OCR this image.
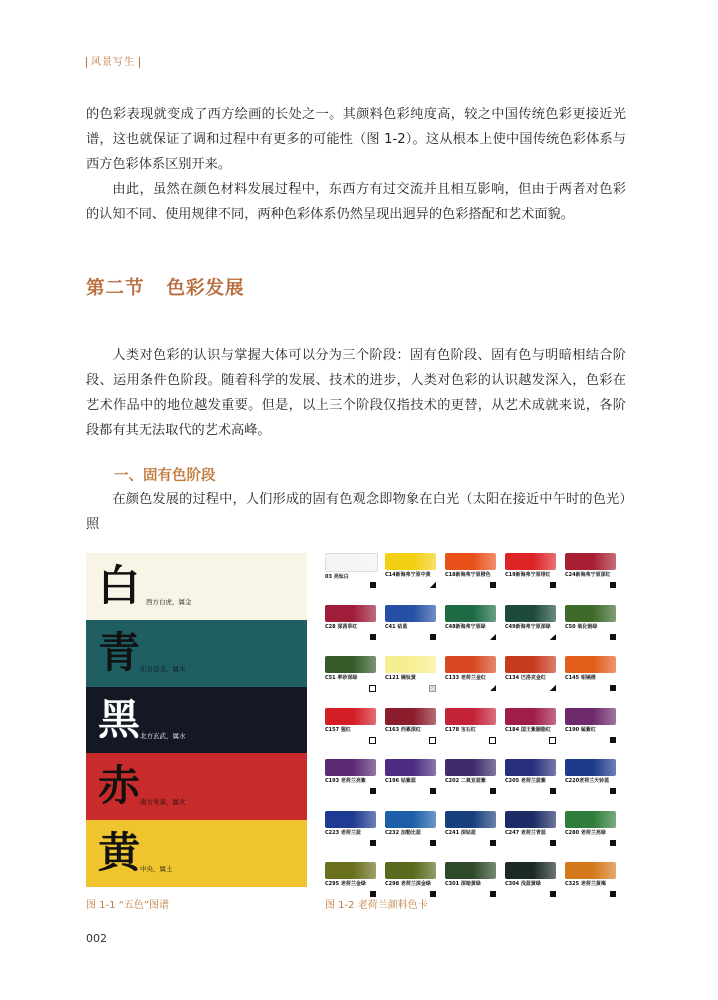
风景写生

的色彩表现就变成了西方绘画的长处之一。其颜料色彩纯度高，较之中国传统色彩更接近光谱，这也就保证了调和过程中有更多的可能性（图 1-2）。这从根本上使中国传统色彩体系与西方色彩体系区别开来。

由此，虽然在颜色材料发展过程中，东西方有过交流并且相互影响，但由于两者对色彩的认知不同、使用规律不同，两种色彩体系仍然呈现出迥异的色彩搭配和艺术面貌。

第二节 色彩发展
人类对色彩的认识与掌握大体可以分为三个阶段：固有色阶段、固有色与明暗相结合阶段、运用条件色阶段。随着科学的发展、技术的进步，人类对色彩的认识越发深入，色彩在艺术作品中的地位越发重要。但是，以上三个阶段仅指技术的更替，从艺术成就来说，各阶段都有其无法取代的艺术高峰。
一、固有色阶段
在颜色发展的过程中，人们形成的固有色观念即物象在白光（太阳在接近中午时的色光）照
白 西方白虎，属金
青 东方苍龙，属木
黑 北方玄武，属水
赤 南方朱雀，属火
黄 中央，属土
图 1-1 “五色”图谱
03 亮钛白	C14新海弗宁原中黄	C18新海弗宁原橙色	C19新海弗宁原绯红	C24新海弗宁原深红
C28 深茜草红	C41 钴蓝	C48新海弗宁原绿	C49新海弗宁原深绿	C50 氧化铬绿
C51 率砂深绿	C121 镉钛黄	C133 老荷兰金红	C134 巴洛克金红	C145 钼镉橙
C157 猩红	C163 西累深红	C178 宝石红	C184 国王紫胭脂红	C190 锰紫红
C193 老荷兰亮紫	C196 钴紫蓝	C202 二氧亚蓝紫	C205 老荷兰蓝紫	C220老荷兰天铃蓝
C223 老荷兰蓝	C232 加勒比蓝	C241 深钴蓝	C247 老荷兰青蓝	C280 老荷兰亮绿
C295 老荷兰金绿	C298 老荷兰深金绿	C301 深暗黄绿	C304 浅蓝黄绿	C325 老荷兰黄褐
图 1-2 老荷兰颜料色卡
002
